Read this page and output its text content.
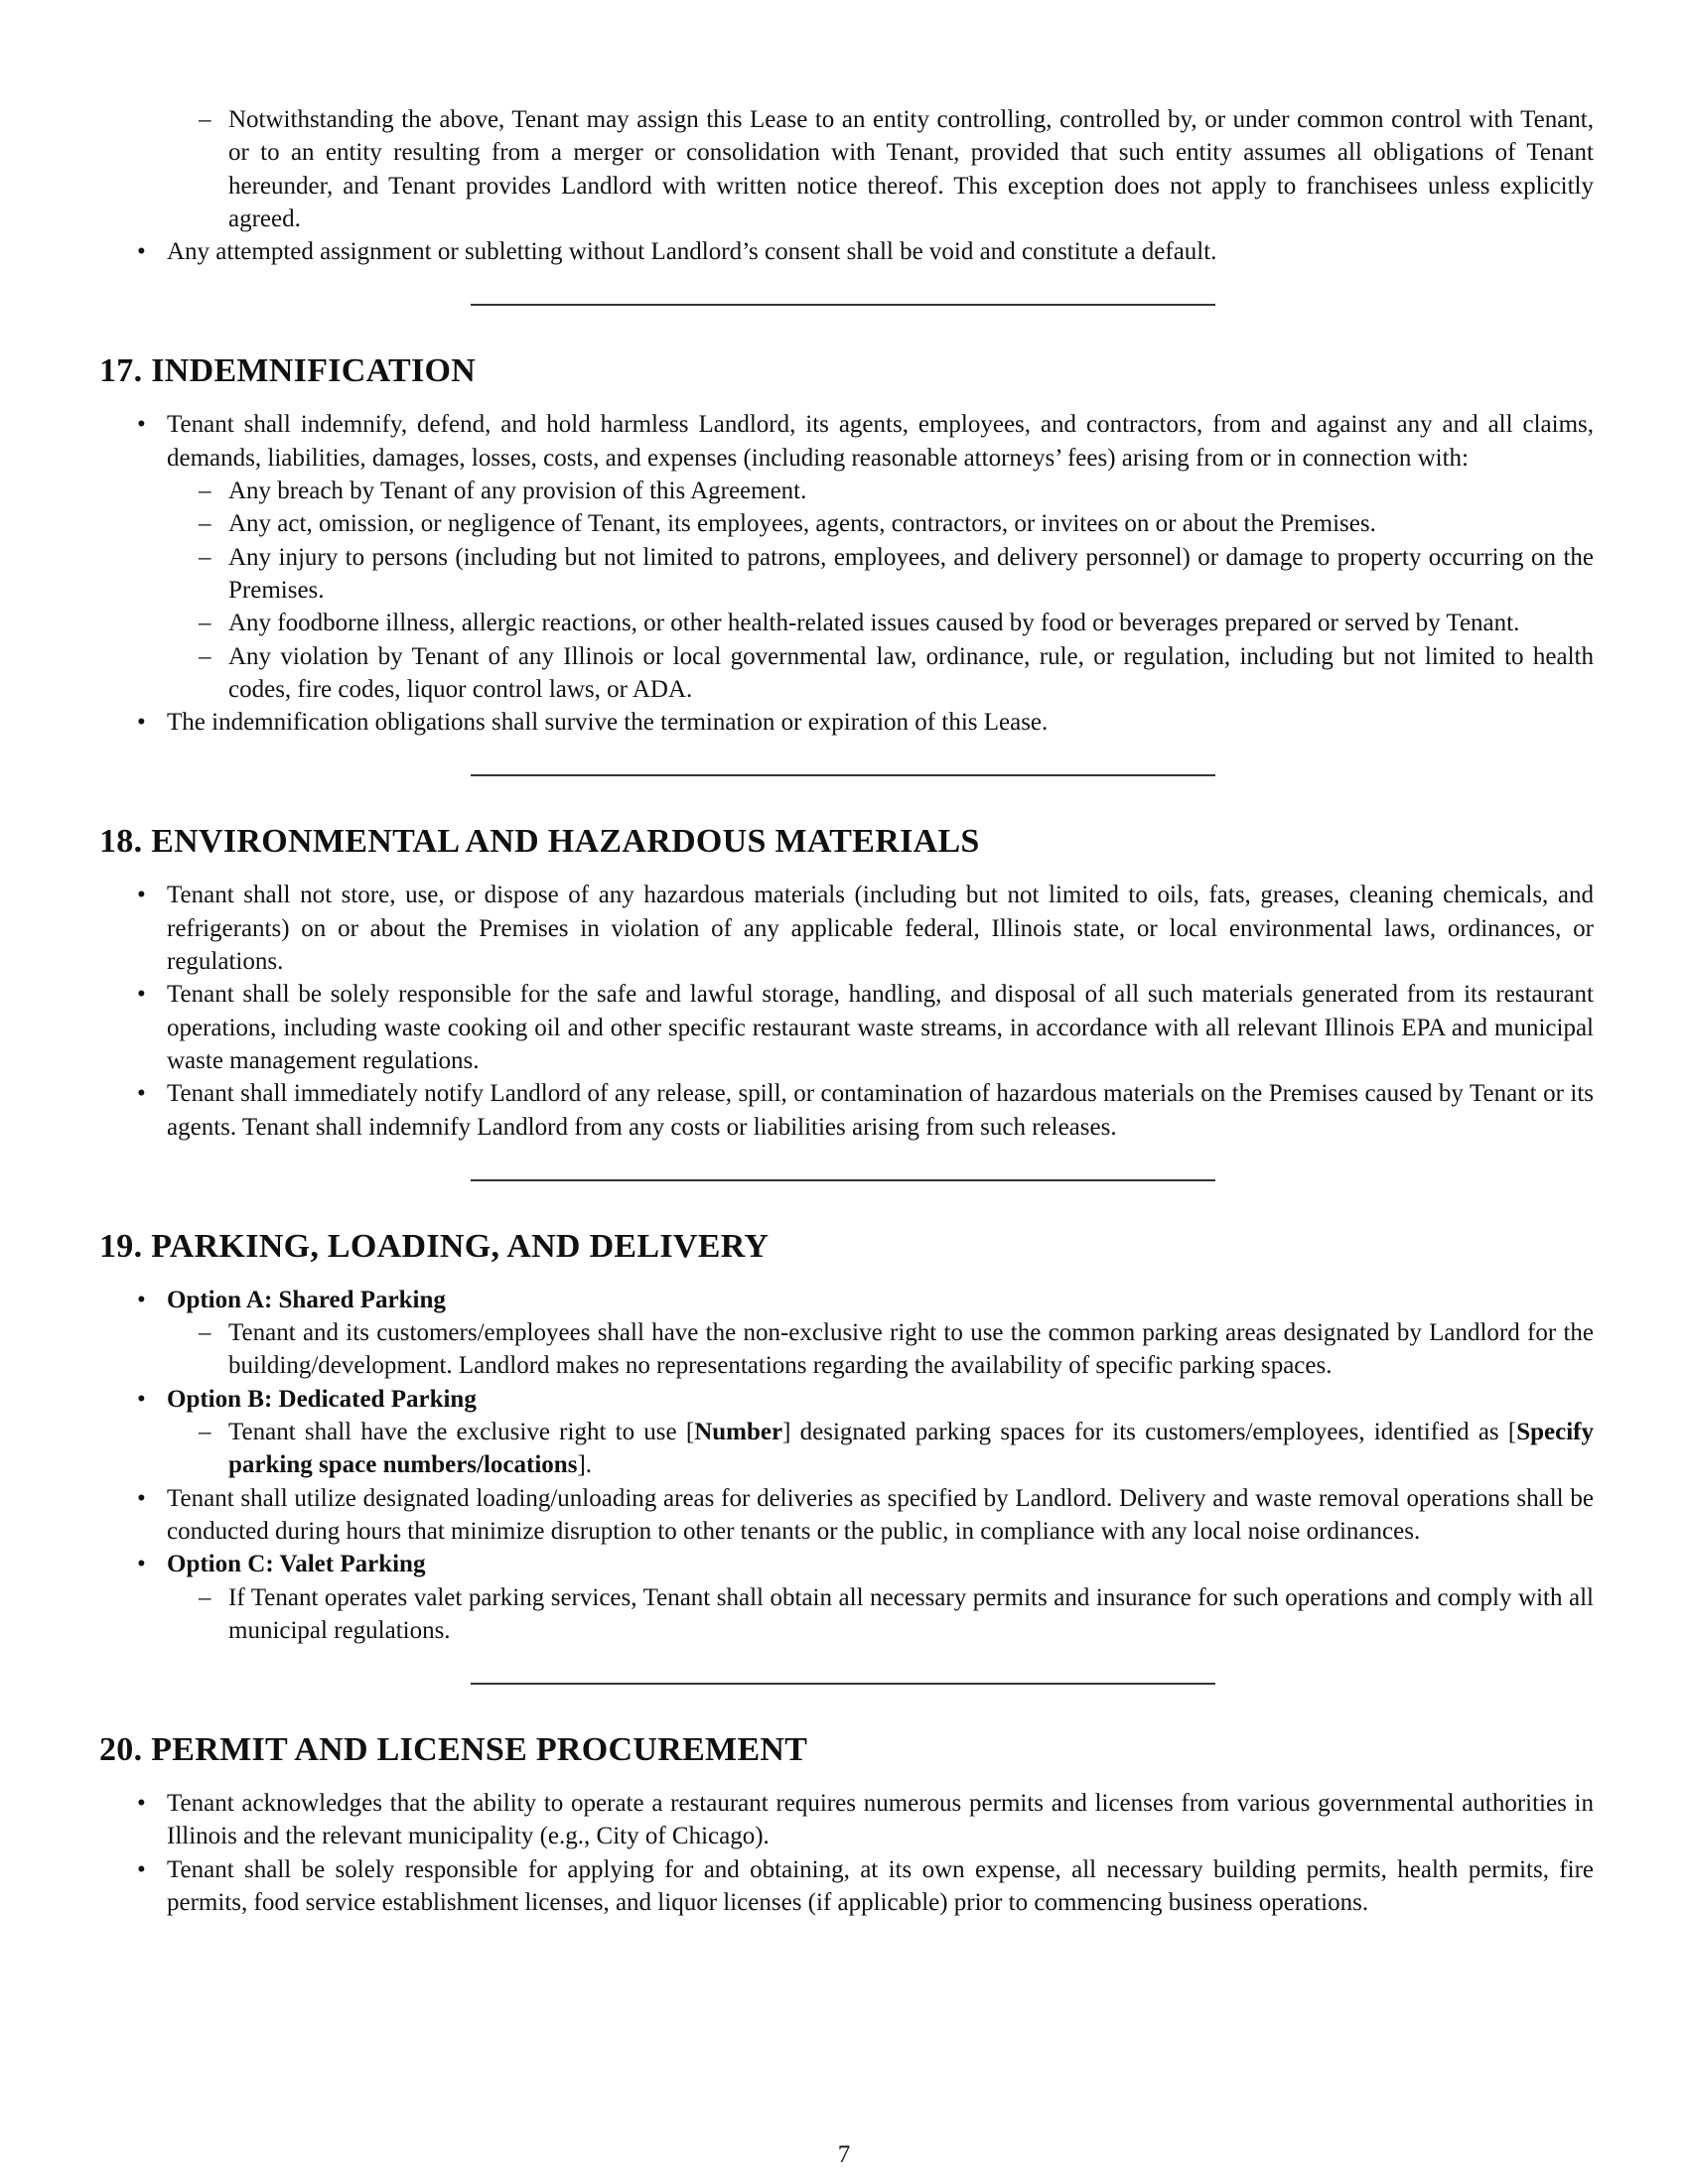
– Notwithstanding the above, Tenant may assign this Lease to an entity controlling, controlled by, or under common control with Tenant, or to an entity resulting from a merger or consolidation with Tenant, provided that such entity assumes all obligations of Tenant hereunder, and Tenant provides Landlord with written notice thereof. This exception does not apply to franchisees unless explicitly agreed.

• Any attempted assignment or subletting without Landlord’s consent shall be void and constitute a default.

17. INDEMNIFICATION

• Tenant shall indemnify, defend, and hold harmless Landlord, its agents, employees, and contractors, from and against any and all claims, demands, liabilities, damages, losses, costs, and expenses (including reasonable attorneys’ fees) arising from or in connection with:

– Any breach by Tenant of any provision of this Agreement.

– Any act, omission, or negligence of Tenant, its employees, agents, contractors, or invitees on or about the Premises.

– Any injury to persons (including but not limited to patrons, employees, and delivery personnel) or damage to property occurring on the Premises.

– Any foodborne illness, allergic reactions, or other health-related issues caused by food or beverages prepared or served by Tenant.

– Any violation by Tenant of any Illinois or local governmental law, ordinance, rule, or regulation, including but not limited to health codes, fire codes, liquor control laws, or ADA.

• The indemnification obligations shall survive the termination or expiration of this Lease.

18. ENVIRONMENTAL AND HAZARDOUS MATERIALS

• Tenant shall not store, use, or dispose of any hazardous materials (including but not limited to oils, fats, greases, cleaning chemicals, and refrigerants) on or about the Premises in violation of any applicable federal, Illinois state, or local environmental laws, ordinances, or regulations.

• Tenant shall be solely responsible for the safe and lawful storage, handling, and disposal of all such materials generated from its restaurant operations, including waste cooking oil and other specific restaurant waste streams, in accordance with all relevant Illinois EPA and municipal waste management regulations.

• Tenant shall immediately notify Landlord of any release, spill, or contamination of hazardous materials on the Premises caused by Tenant or its agents. Tenant shall indemnify Landlord from any costs or liabilities arising from such releases.

19. PARKING, LOADING, AND DELIVERY

• Option A: Shared Parking

– Tenant and its customers/employees shall have the non-exclusive right to use the common parking areas designated by Landlord for the building/development. Landlord makes no representations regarding the availability of specific parking spaces.

• Option B: Dedicated Parking

– Tenant shall have the exclusive right to use [Number] designated parking spaces for its customers/employees, identified as [Specify parking space numbers/locations].

• Tenant shall utilize designated loading/unloading areas for deliveries as specified by Landlord. Delivery and waste removal operations shall be conducted during hours that minimize disruption to other tenants or the public, in compliance with any local noise ordinances.

• Option C: Valet Parking

– If Tenant operates valet parking services, Tenant shall obtain all necessary permits and insurance for such operations and comply with all municipal regulations.

20. PERMIT AND LICENSE PROCUREMENT

• Tenant acknowledges that the ability to operate a restaurant requires numerous permits and licenses from various governmental authorities in Illinois and the relevant municipality (e.g., City of Chicago).

• Tenant shall be solely responsible for applying for and obtaining, at its own expense, all necessary building permits, health permits, fire permits, food service establishment licenses, and liquor licenses (if applicable) prior to commencing business operations.

7
